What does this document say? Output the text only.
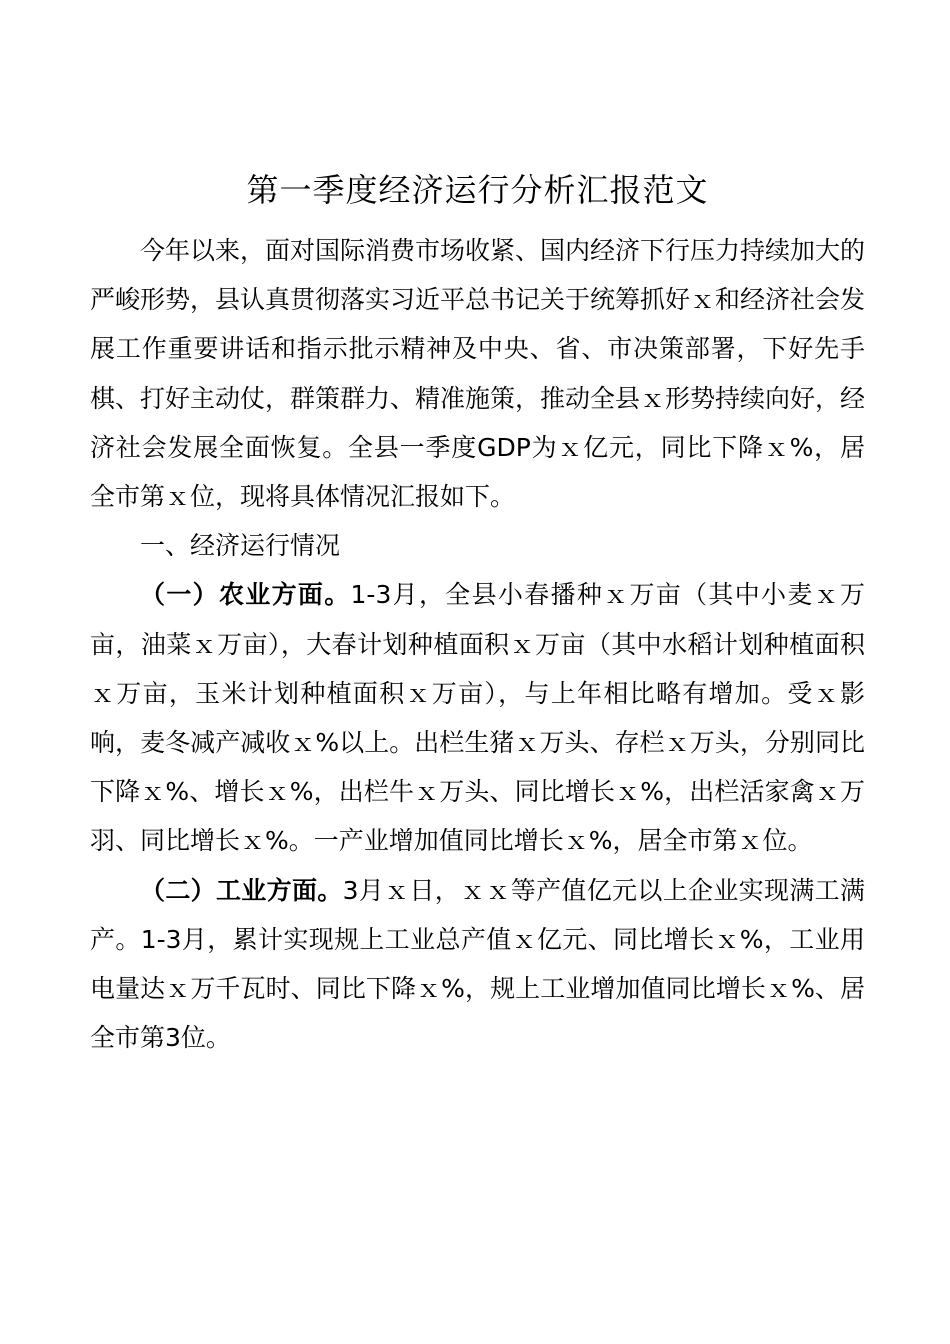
第一季度经济运行分析汇报范文

今年以来，面对国际消费市场收紧、国内经济下行压力持续加大的严峻形势，县认真贯彻落实习近平总书记关于统筹抓好ｘ和经济社会发展工作重要讲话和指示批示精神及中央、省、市决策部署，下好先手棋、打好主动仗，群策群力、精准施策，推动全县ｘ形势持续向好，经济社会发展全面恢复。全县一季度GDP为ｘ亿元，同比下降ｘ%，居全市第ｘ位，现将具体情况汇报如下。

一、经济运行情况

（一）农业方面。1-3月，全县小春播种ｘ万亩（其中小麦ｘ万亩，油菜ｘ万亩），大春计划种植面积ｘ万亩（其中水稻计划种植面积ｘ万亩，玉米计划种植面积ｘ万亩），与上年相比略有增加。受ｘ影响，麦冬减产减收ｘ%以上。出栏生猪ｘ万头、存栏ｘ万头，分别同比下降ｘ%、增长ｘ%，出栏牛ｘ万头、同比增长ｘ%，出栏活家禽ｘ万羽、同比增长ｘ%。一产业增加值同比增长ｘ%，居全市第ｘ位。

（二）工业方面。3月ｘ日，ｘｘ等产值亿元以上企业实现满工满产。1-3月，累计实现规上工业总产值ｘ亿元、同比增长ｘ%，工业用电量达ｘ万千瓦时、同比下降ｘ%，规上工业增加值同比增长ｘ%、居全市第3位。
